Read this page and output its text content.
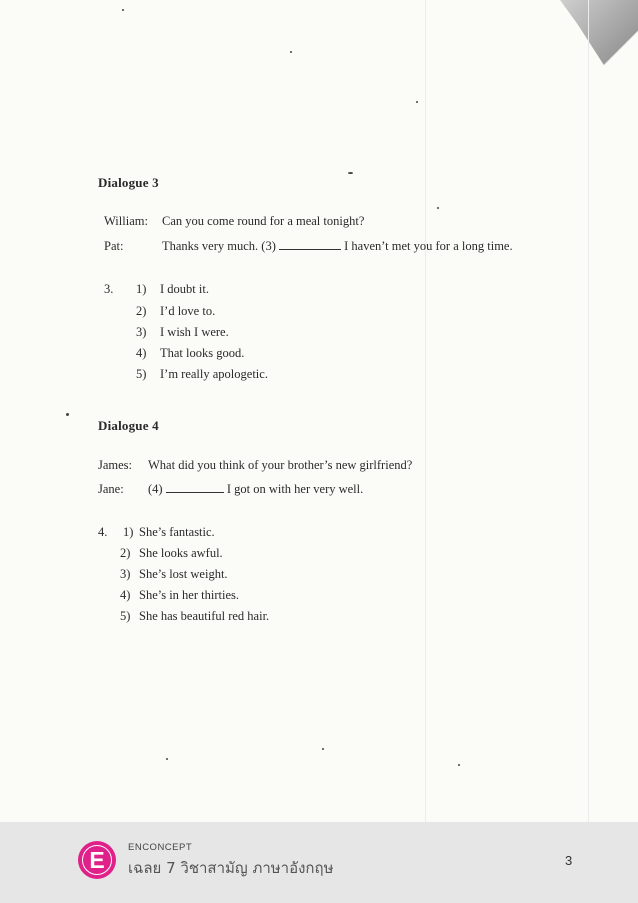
Dialogue 3
William: Can you come round for a meal tonight?
Pat:	Thanks very much. (3)	I haven’t met you for a long time.
3. 1) I doubt it.
2) I’d love to.
3) I wish I were.
4) That looks good.
5) I’m really apologetic.
Dialogue 4
James: What did you think of your brother’s new girlfriend?
Jane: (4)	I got on with her very well.
4. 1) She’s fantastic.
2) She looks awful.
3) She’s lost weight.
4) She’s in her thirties.
5) She has beautiful red hair.
E	ENCONCEPT
เฉลย 7 วิชาสามัญ ภาษาอังกฤษ	3
